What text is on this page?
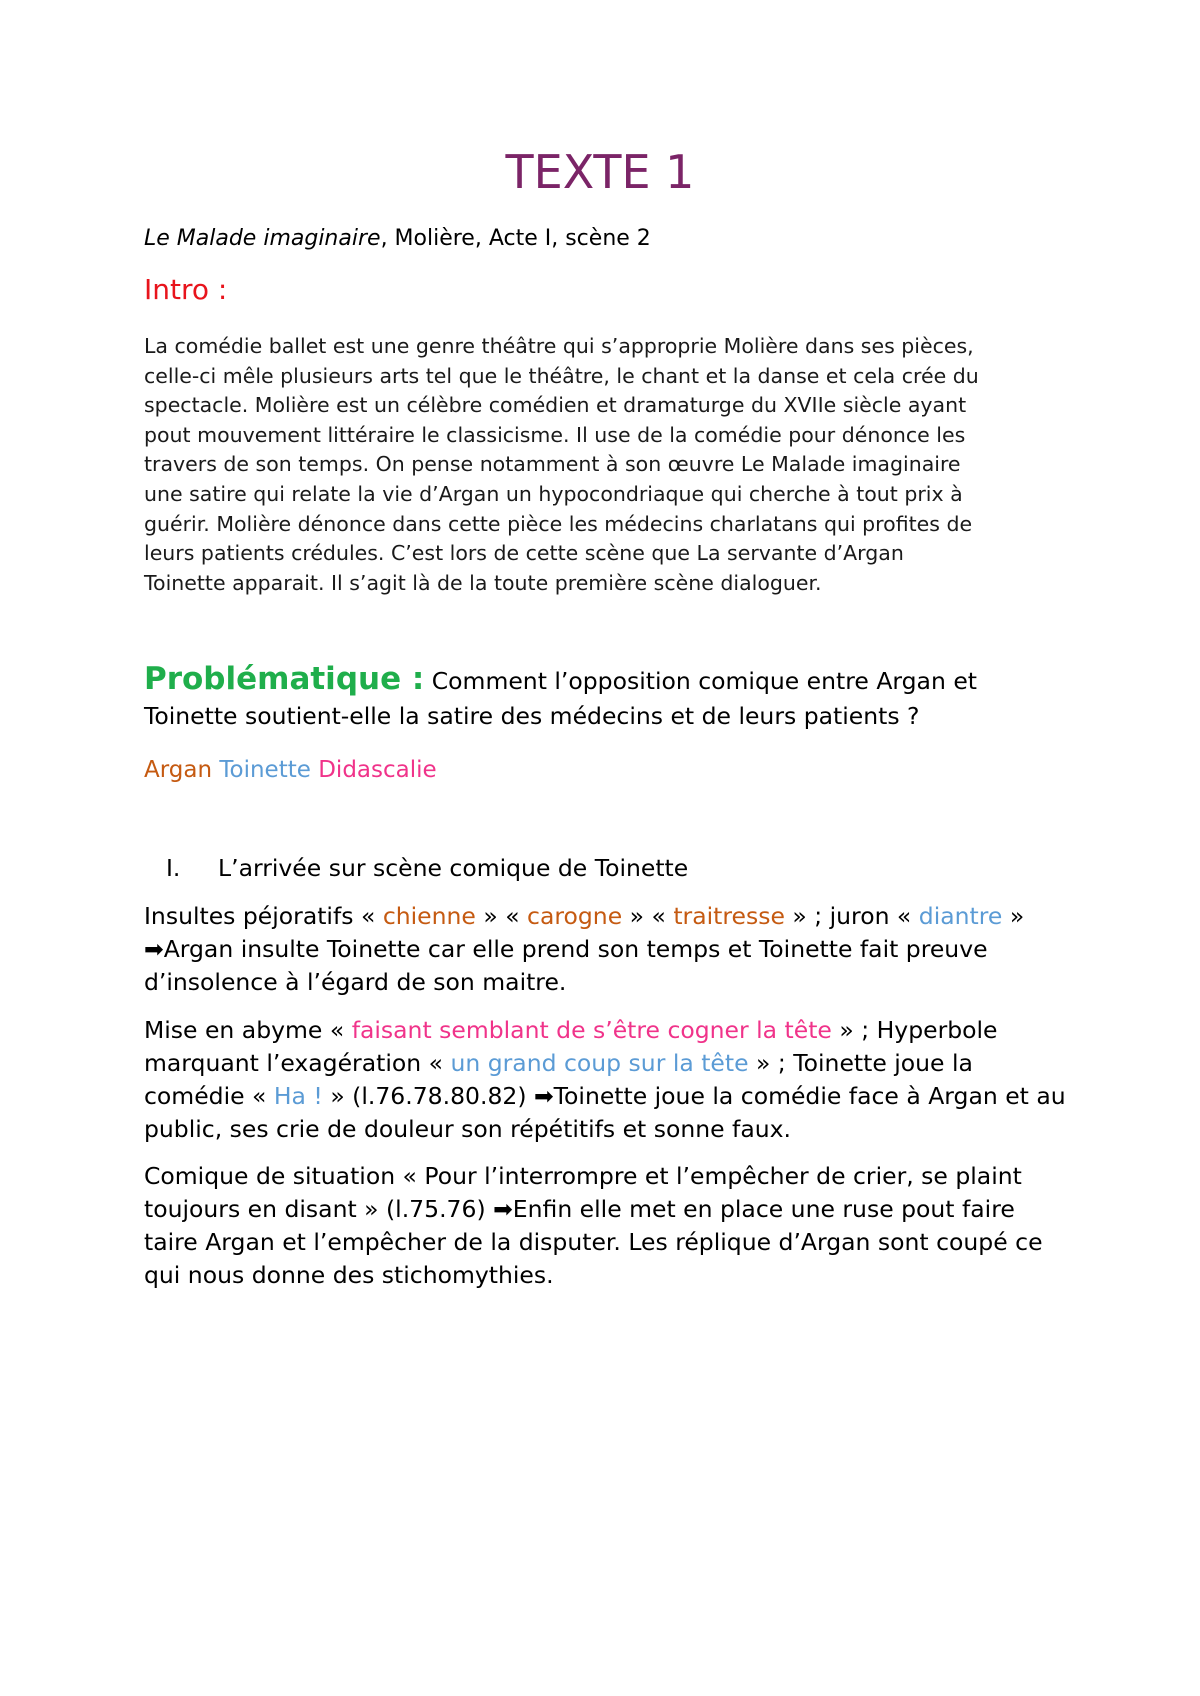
TEXTE 1
Le Malade imaginaire, Molière, Acte I, scène 2
Intro :

La comédie ballet est une genre théâtre qui s’approprie Molière dans ses pièces,
celle-ci mêle plusieurs arts tel que le théâtre, le chant et la danse et cela crée du
spectacle. Molière est un célèbre comédien et dramaturge du XVIIe siècle ayant
pout mouvement littéraire le classicisme. Il use de la comédie pour dénonce les
travers de son temps. On pense notamment à son œuvre Le Malade imaginaire
une satire qui relate la vie d’Argan un hypocondriaque qui cherche à tout prix à
guérir. Molière dénonce dans cette pièce les médecins charlatans qui profites de
leurs patients crédules. C’est lors de cette scène que La servante d’Argan
Toinette apparait. Il s’agit là de la toute première scène dialoguer.

Problématique : Comment l’opposition comique entre Argan et Toinette soutient-elle la satire des médecins et de leurs patients ?

Argan Toinette Didascalie
I. L’arrivée sur scène comique de Toinette

Insultes péjoratifs « chienne » « carogne » « traitresse » ; juron « diantre » ➡Argan insulte Toinette car elle prend son temps et Toinette fait preuve d’insolence à l’égard de son maitre.

Mise en abyme « faisant semblant de s’être cogner la tête » ; Hyperbole marquant l’exagération « un grand coup sur la tête » ; Toinette joue la comédie « Ha ! » (l.76.78.80.82) ➡Toinette joue la comédie face à Argan et au public, ses crie de douleur son répétitifs et sonne faux.

Comique de situation « Pour l’interrompre et l’empêcher de crier, se plaint toujours en disant » (l.75.76) ➡Enfin elle met en place une ruse pout faire taire Argan et l’empêcher de la disputer. Les réplique d’Argan sont coupé ce qui nous donne des stichomythies.
